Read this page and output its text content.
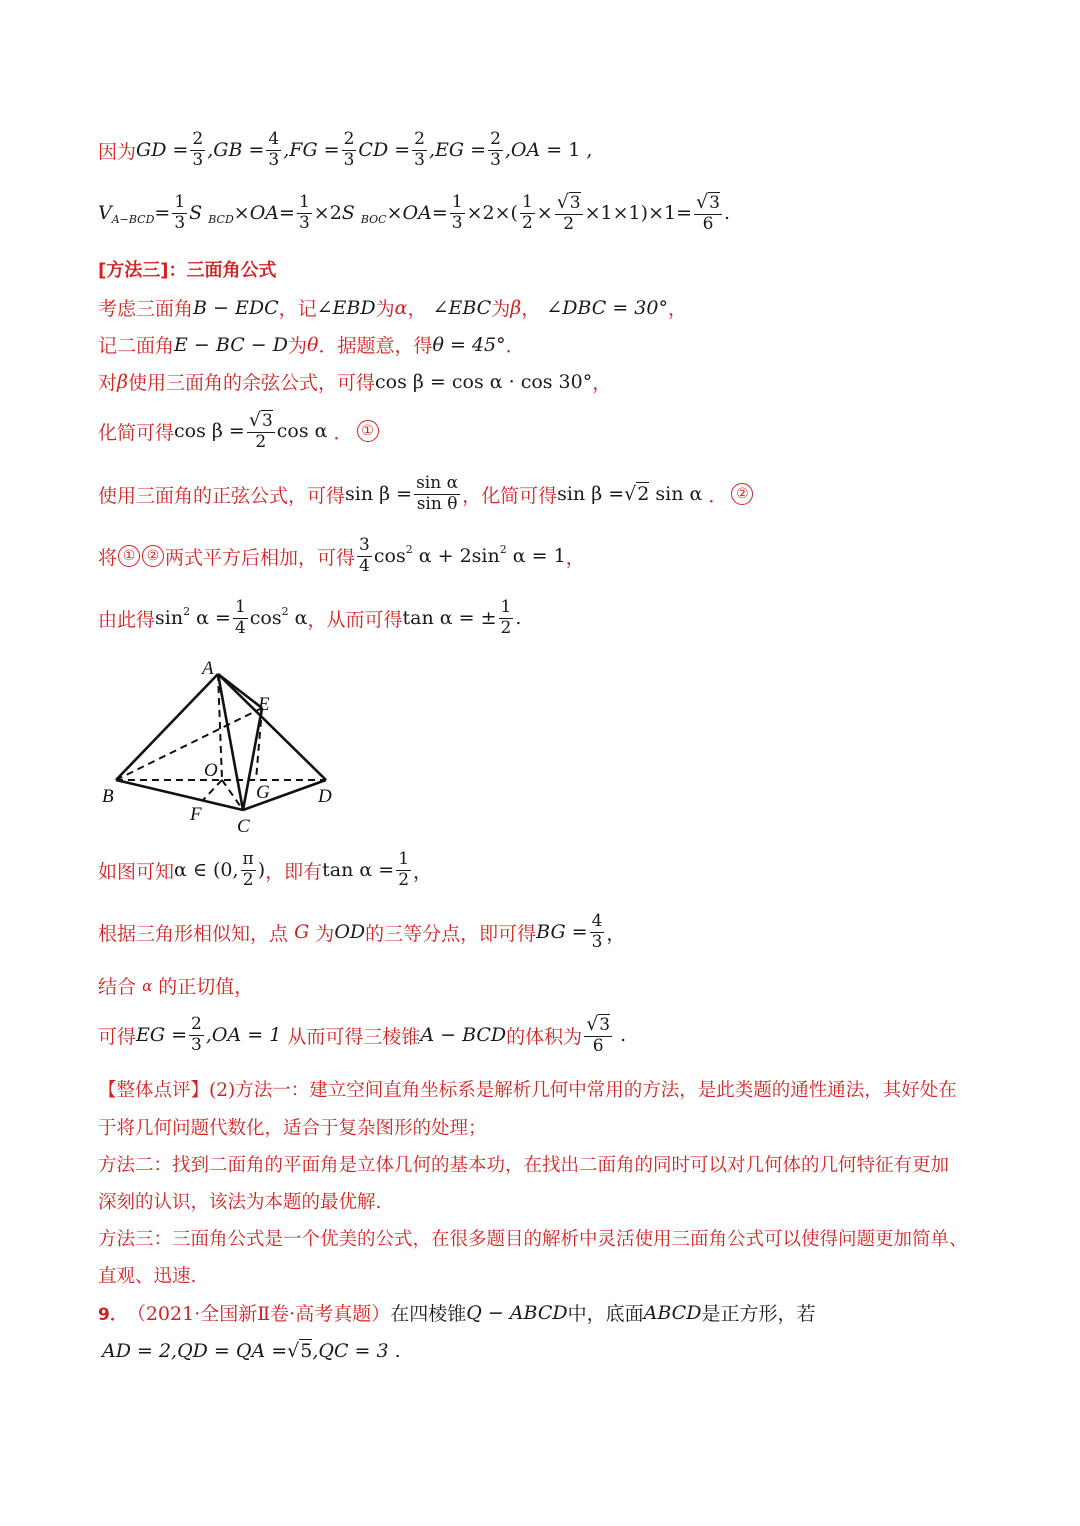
因为 GD
= $\frac{2}{3} ,GB$
= $\frac{4}{3} ,FG$
= $\frac{2}{3}$ CD
= $\frac{2}{3} ,EG$
= $\frac{2}{3} ,OA$
= 1 ,
V $A-BCD = \frac{1}{3}$ S
BCD × OA = $\frac{1}{3} \times 2$ S
BOC × OA = $\frac{1}{3} \times 2$ × ( $\frac{1}{2} \times \frac{√3}{2} \times 1\times 1$ ) $\times 1 = \frac{√3}{6}$ .
[方法三]：三面角公式
考虑三面角 B − EDC ，记 ∠EBD 为 α ，
∠EBC 为 β ，
∠DBC = 30° ，
记二面角 E − BC − D 为 θ ．据题意，得 θ = 45° ．
对 β 使用三面角的余弦公式，可得 cos β = cos α · cos 30° ，
化简可得 $\cos \beta = \frac{√3}{2}$ cos α
． ①
使用三面角的正弦公式，可得 $\sin \beta = \frac{\text{sin α}}{\text{sin θ}}$ ，化简可得 sin β = √2
sin α
． ②
将 ① ② 两式平方后相加，可得 $\frac{3}{4}$ cos 2
α + 2sin 2
α = 1 ，
由此得 sin 2
$\alpha = \frac{1}{4}$ cos 2
α ，从而可得 tan α = ± $\frac{1}{2}$ .
A
E
O
G
B	D
F
C
如图可知 α ∈ (0, $\frac{\pi}{2}$ ) ，即有 $\tan \alpha = \frac{1}{2}$ ，
根据三角形相似知，点
G
为 OD 的三等分点，即可得 BG = $\frac{4}{3}$ ，
结合
α
的正切值，
可得 EG = $\frac{2}{3} ,OA = 1$
从而可得三棱锥 A − BCD 的体积为 $\frac{√3}{6}$
.
【整体点评】(2)方法一：建立空间直角坐标系是解析几何中常用的方法，是此类题的通性通法，其好处在
于将几何问题代数化，适合于复杂图形的处理；
方法二：找到二面角的平面角是立体几何的基本功，在找出二面角的同时可以对几何体的几何特征有更加
深刻的认识，该法为本题的最优解.
方法三：三面角公式是一个优美的公式，在很多题目的解析中灵活使用三面角公式可以使得问题更加简单、
直观、迅速.
9． （2021·全国新Ⅱ卷·高考真题） 在四棱锥 Q − ABCD 中，底面 ABCD 是正方形，若
AD = 2,QD = QA = √5 ,QC = 3
.
